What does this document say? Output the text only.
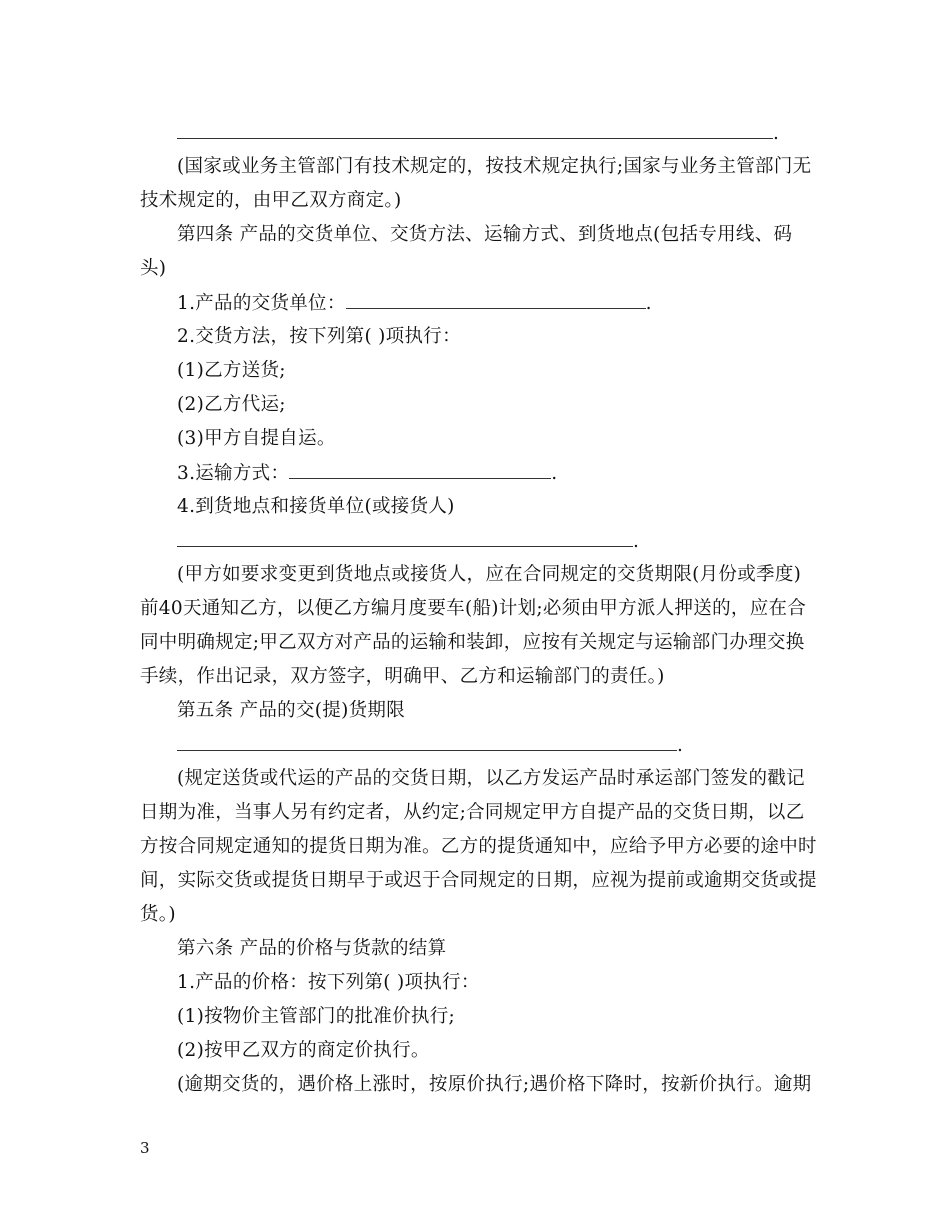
.
(国家或业务主管部门有技术规定的，按技术规定执行;国家与业务主管部门无
技术规定的，由甲乙双方商定。)
第四条 产品的交货单位、交货方法、运输方式、到货地点(包括专用线、码
头)
1.产品的交货单位：	.
2.交货方法，按下列第( )项执行：
(1)乙方送货;
(2)乙方代运;
(3)甲方自提自运。
3.运输方式：	.
4.到货地点和接货单位(或接货人)
.
(甲方如要求变更到货地点或接货人，应在合同规定的交货期限(月份或季度)
前40天通知乙方，以便乙方编月度要车(船)计划;必须由甲方派人押送的，应在合
同中明确规定;甲乙双方对产品的运输和装卸，应按有关规定与运输部门办理交换
手续，作出记录，双方签字，明确甲、乙方和运输部门的责任。)
第五条 产品的交(提)货期限
.
(规定送货或代运的产品的交货日期，以乙方发运产品时承运部门签发的戳记
日期为准，当事人另有约定者，从约定;合同规定甲方自提产品的交货日期，以乙
方按合同规定通知的提货日期为准。乙方的提货通知中，应给予甲方必要的途中时
间，实际交货或提货日期早于或迟于合同规定的日期，应视为提前或逾期交货或提
货。)
第六条 产品的价格与货款的结算
1.产品的价格：按下列第( )项执行：
(1)按物价主管部门的批准价执行;
(2)按甲乙双方的商定价执行。
(逾期交货的，遇价格上涨时，按原价执行;遇价格下降时，按新价执行。逾期
3
